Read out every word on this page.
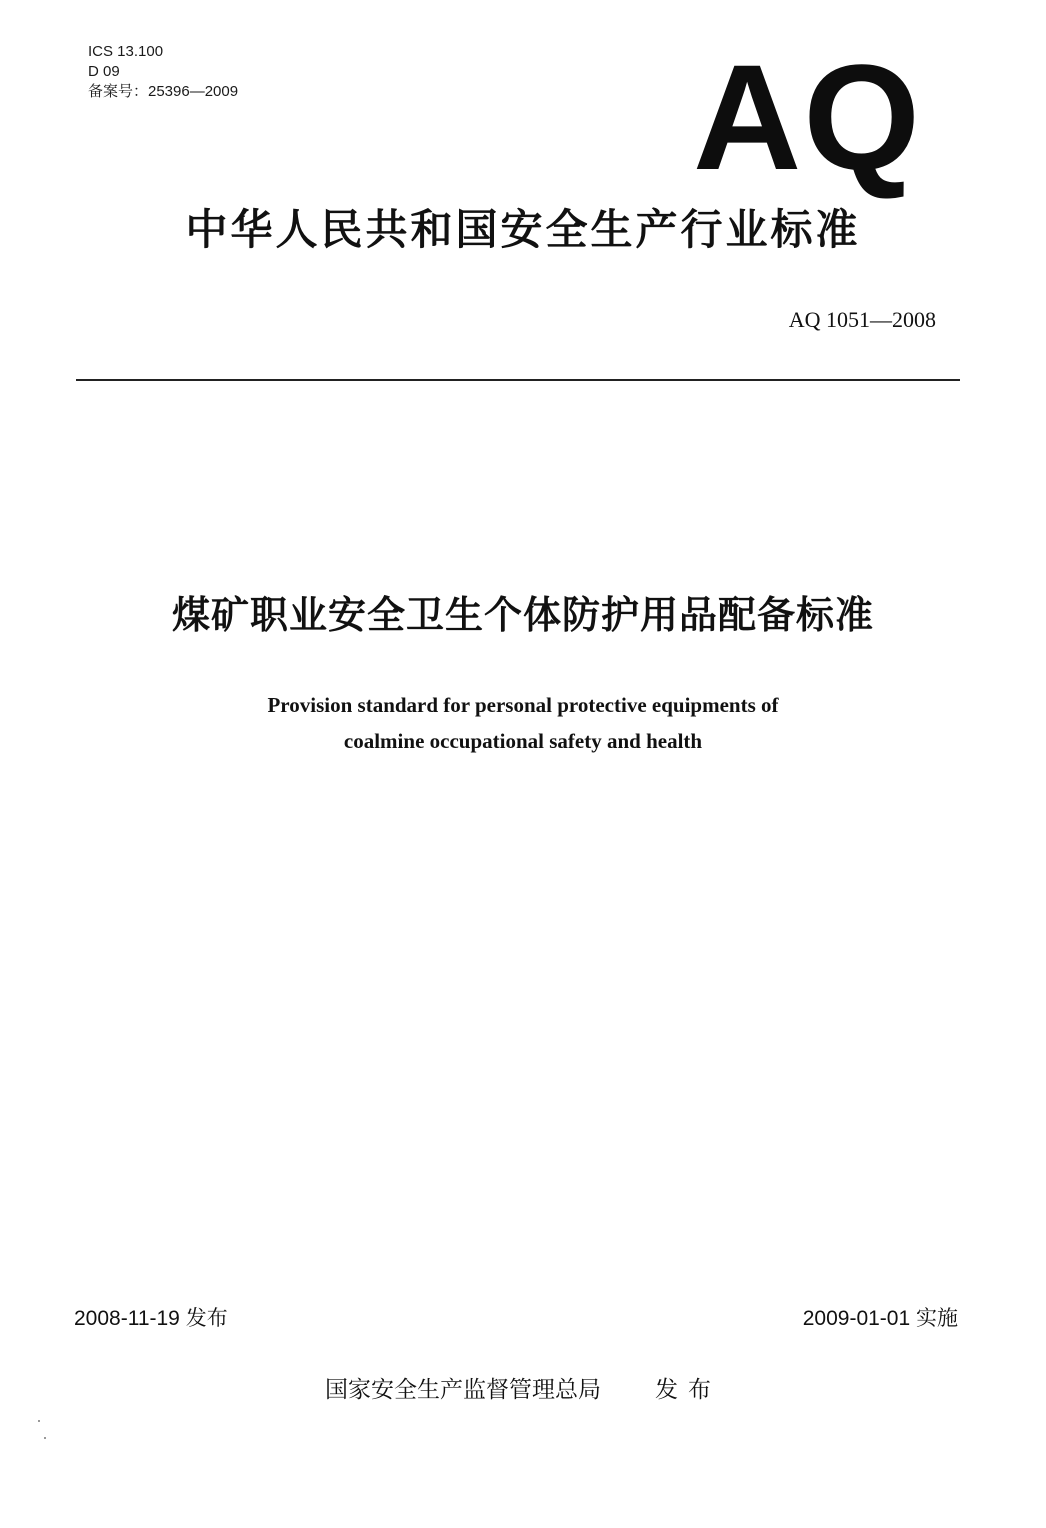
ICS 13.100
D 09
备案号：25396—2009	AQ
中华人民共和国安全生产行业标准
AQ 1051—2008
煤矿职业安全卫生个体防护用品配备标准
Provision standard for personal protective equipments of
coalmine occupational safety and health
2008-11-19 发布	2009-01-01 实施
国家安全生产监督管理总局 发布
